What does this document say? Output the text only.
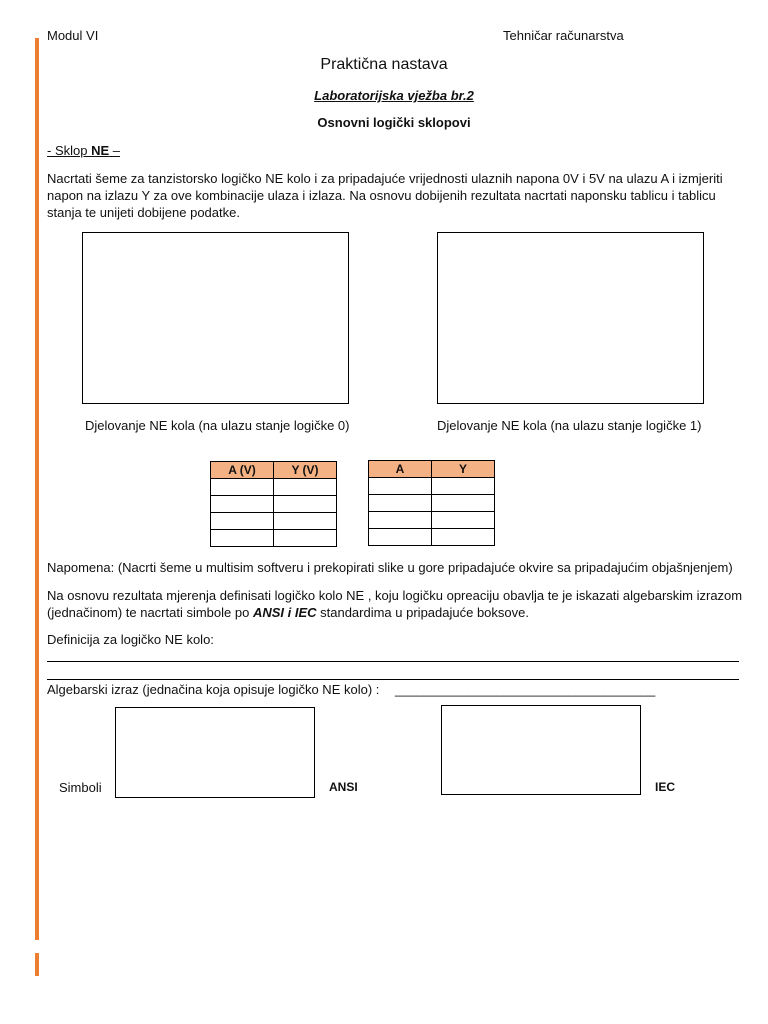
Modul VI	Tehničar računarstva
Praktična nastava
Laboratorijska vježba br.2
Osnovni logički sklopovi
- Sklop NE –
Nacrtati šeme za tanzistorsko logičko NE kolo i za pripadajuće vrijednosti ulaznih napona 0V i 5V na ulazu A i izmjeriti napon na izlazu Y za ove kombinacije ulaza i izlaza. Na osnovu dobijenih rezultata nacrtati naponsku tablicu i tablicu stanja te unijeti dobijene podatke.
Djelovanje NE kola (na ulazu stanje logičke 0)	Djelovanje NE kola (na ulazu stanje logičke 1)
A (V)	Y (V)

		A	Y

Napomena: (Nacrti šeme u multisim softveru i prekopirati slike u gore pripadajuće okvire sa pripadajućim objašnjenjem)
Na osnovu rezultata mjerenja definisati logičko kolo NE , koju logičku opreaciju obavlja te je iskazati algebarskim izrazom (jednačinom) te nacrtati simbole po ANSI i IEC standardima u pripadajuće boksove.
Definicija za logičko NE kolo:
Algebarski izraz (jednačina koja opisuje logičko NE kolo) : ____________________________________
Simboli	ANSI	IEC
